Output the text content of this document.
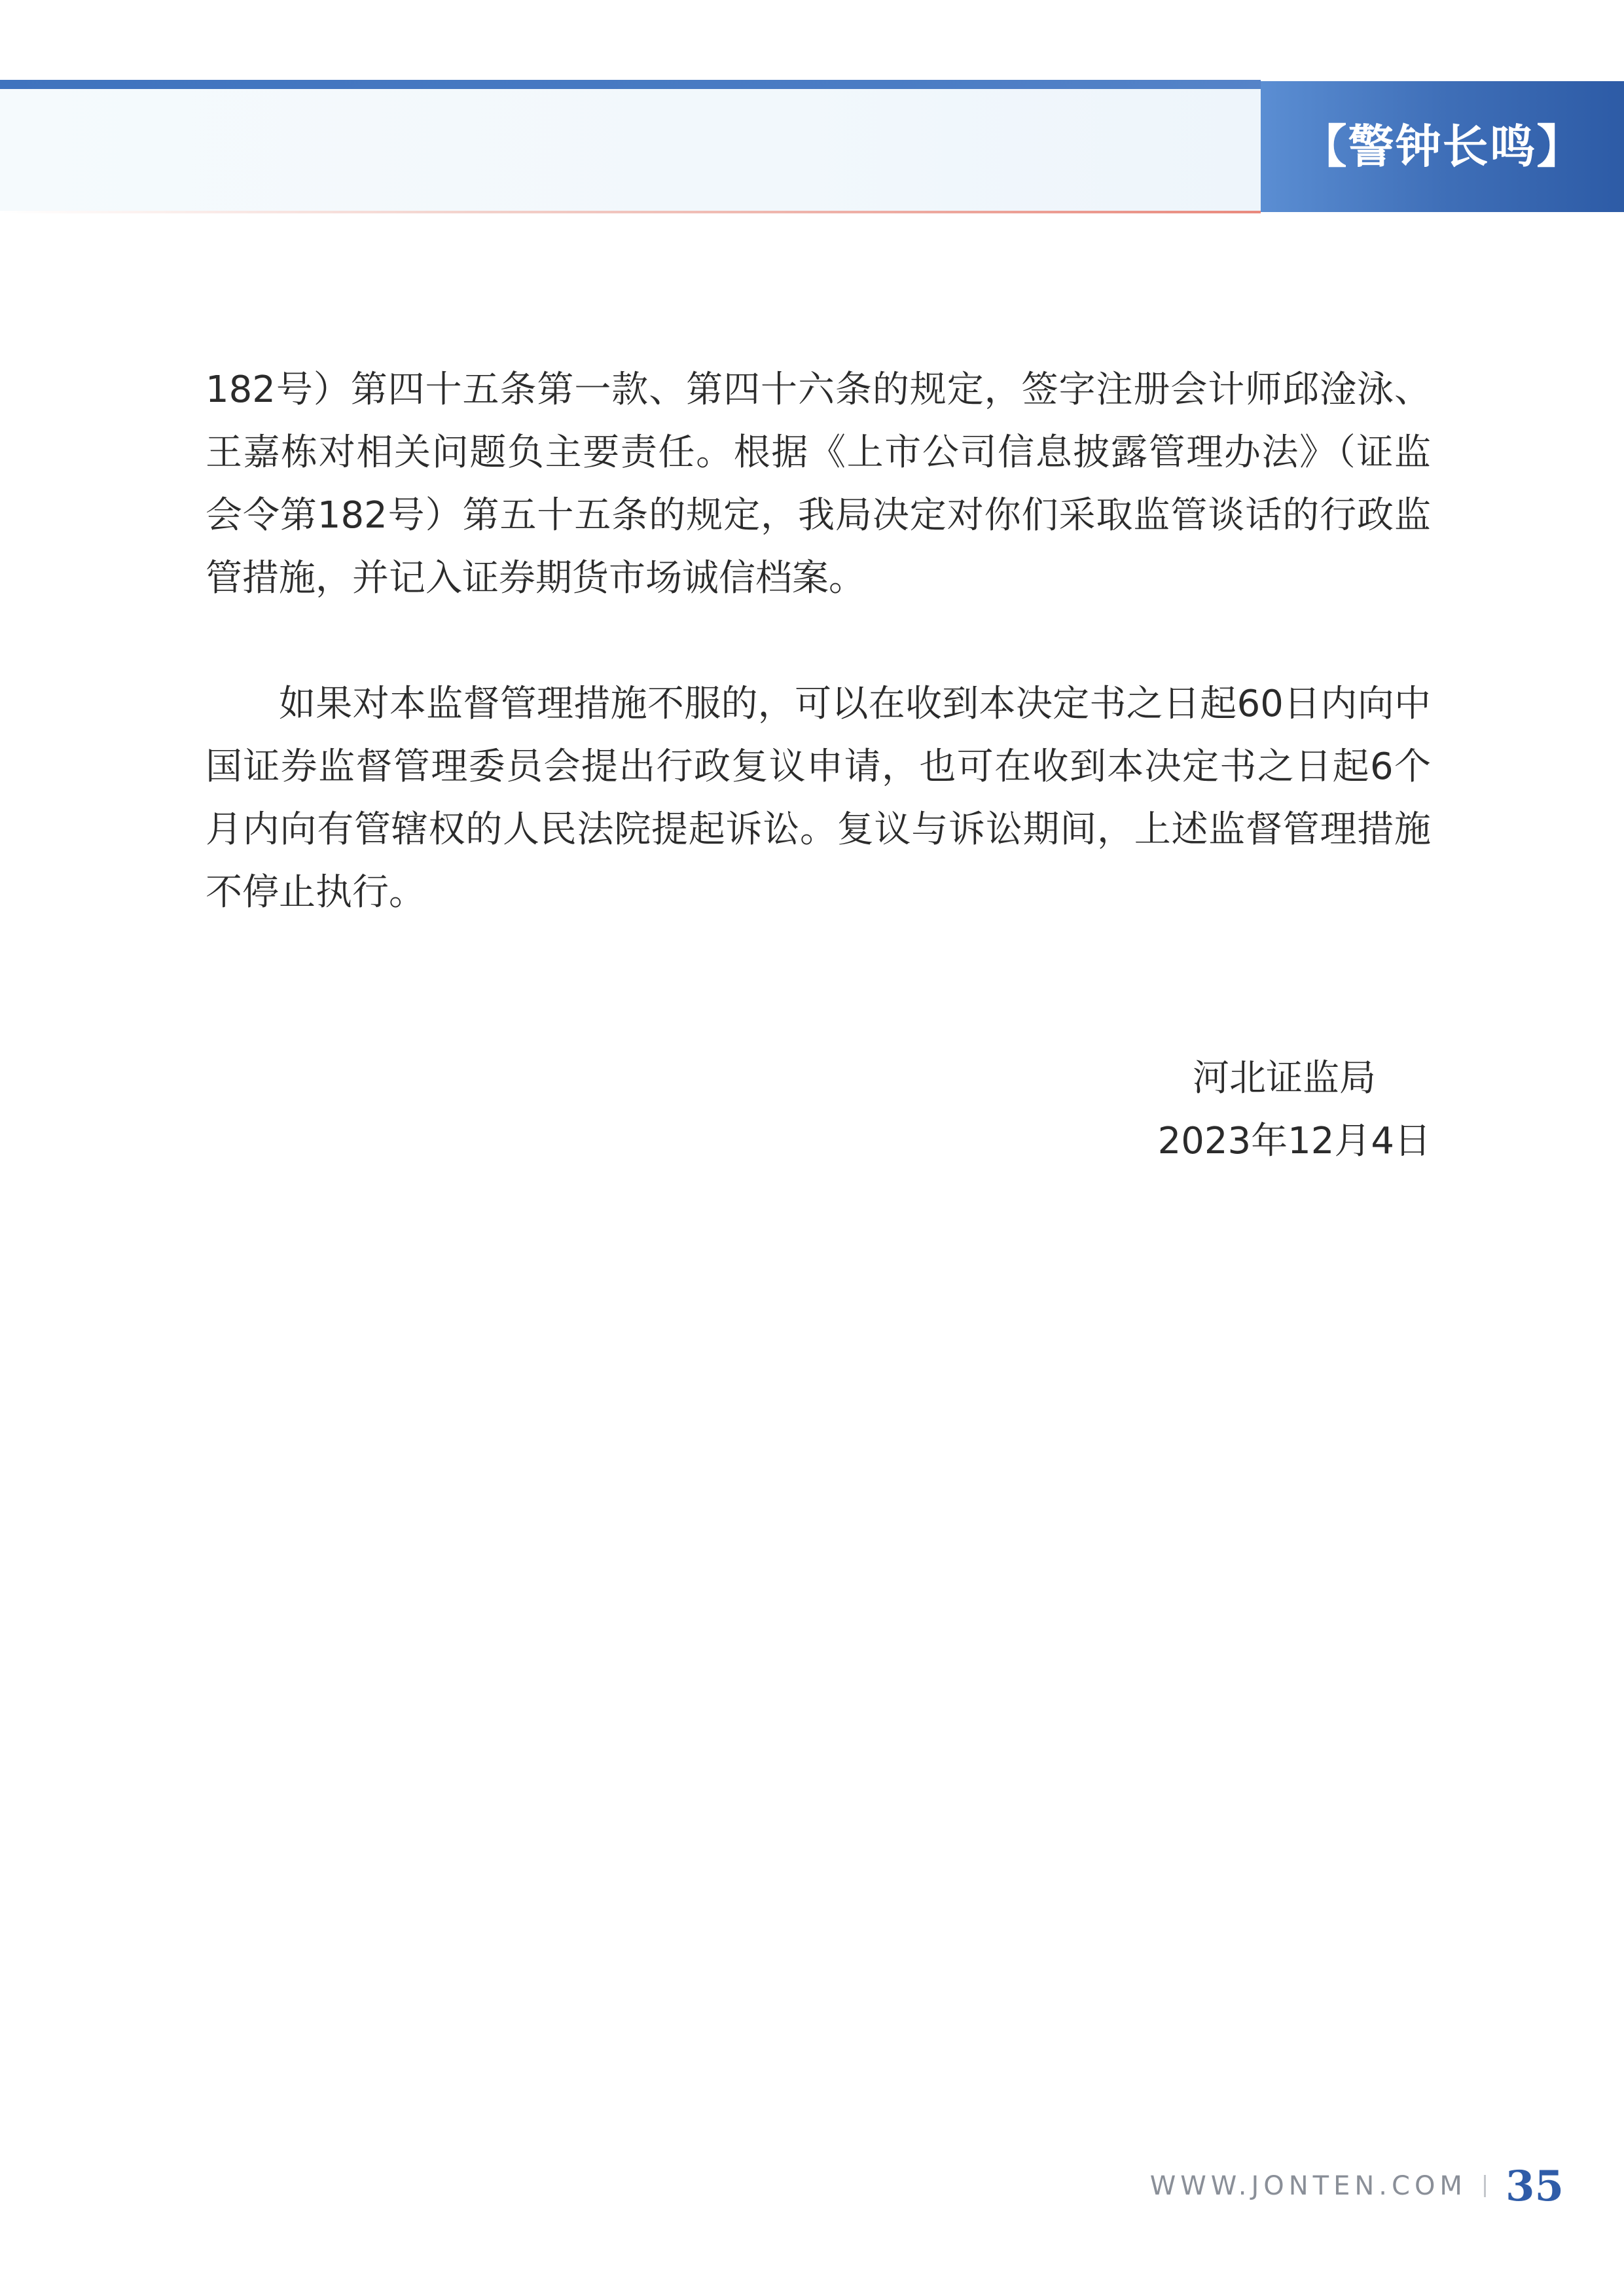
【警钟长鸣】

182号）第四十五条第一款、第四十六条的规定，签字注册会计师邱淦泳、王嘉栋对相关问题负主要责任。根据《上市公司信息披露管理办法》（证监会令第182号）第五十五条的规定，我局决定对你们采取监管谈话的行政监管措施，并记入证券期货市场诚信档案。

如果对本监督管理措施不服的，可以在收到本决定书之日起60日内向中国证券监督管理委员会提出行政复议申请，也可在收到本决定书之日起6个月内向有管辖权的人民法院提起诉讼。复议与诉讼期间，上述监督管理措施不停止执行。

河北证监局
2023年12月4日
WWW.JONTEN.COM 35
